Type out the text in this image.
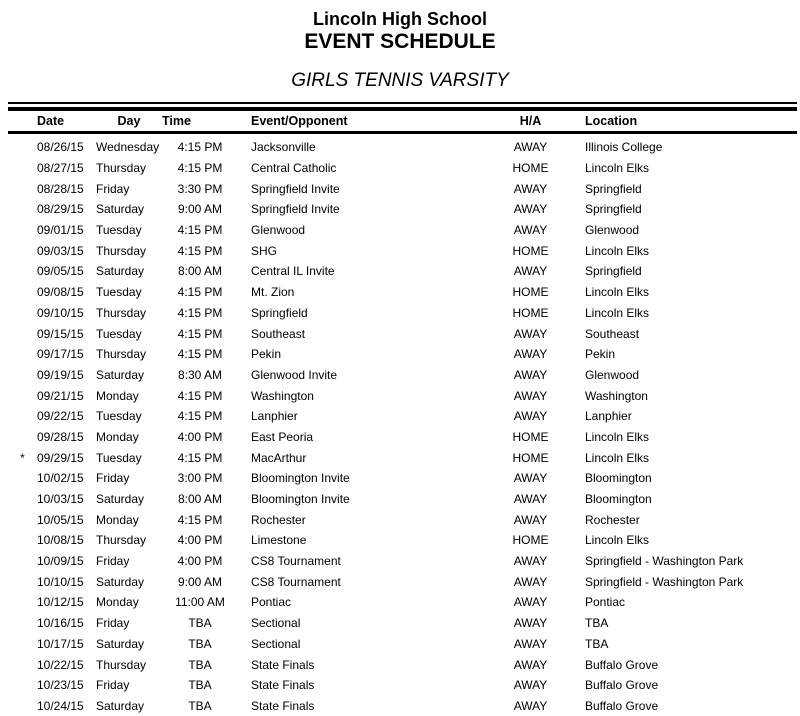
Lincoln High School
EVENT SCHEDULE
GIRLS TENNIS VARSITY
	Date	Day	Time	Event/Opponent	H/A	Location
	08/26/15	Wednesday	4:15 PM	Jacksonville	AWAY	Illinois College
	08/27/15	Thursday	4:15 PM	Central Catholic	HOME	Lincoln Elks
	08/28/15	Friday	3:30 PM	Springfield Invite	AWAY	Springfield
	08/29/15	Saturday	9:00 AM	Springfield Invite	AWAY	Springfield
	09/01/15	Tuesday	4:15 PM	Glenwood	AWAY	Glenwood
	09/03/15	Thursday	4:15 PM	SHG	HOME	Lincoln Elks
	09/05/15	Saturday	8:00 AM	Central IL Invite	AWAY	Springfield
	09/08/15	Tuesday	4:15 PM	Mt. Zion	HOME	Lincoln Elks
	09/10/15	Thursday	4:15 PM	Springfield	HOME	Lincoln Elks
	09/15/15	Tuesday	4:15 PM	Southeast	AWAY	Southeast
	09/17/15	Thursday	4:15 PM	Pekin	AWAY	Pekin
	09/19/15	Saturday	8:30 AM	Glenwood Invite	AWAY	Glenwood
	09/21/15	Monday	4:15 PM	Washington	AWAY	Washington
	09/22/15	Tuesday	4:15 PM	Lanphier	AWAY	Lanphier
	09/28/15	Monday	4:00 PM	East Peoria	HOME	Lincoln Elks
*	09/29/15	Tuesday	4:15 PM	MacArthur	HOME	Lincoln Elks
	10/02/15	Friday	3:00 PM	Bloomington Invite	AWAY	Bloomington
	10/03/15	Saturday	8:00 AM	Bloomington Invite	AWAY	Bloomington
	10/05/15	Monday	4:15 PM	Rochester	AWAY	Rochester
	10/08/15	Thursday	4:00 PM	Limestone	HOME	Lincoln Elks
	10/09/15	Friday	4:00 PM	CS8 Tournament	AWAY	Springfield - Washington Park
	10/10/15	Saturday	9:00 AM	CS8 Tournament	AWAY	Springfield - Washington Park
	10/12/15	Monday	11:00 AM	Pontiac	AWAY	Pontiac
	10/16/15	Friday	TBA	Sectional	AWAY	TBA
	10/17/15	Saturday	TBA	Sectional	AWAY	TBA
	10/22/15	Thursday	TBA	State Finals	AWAY	Buffalo Grove
	10/23/15	Friday	TBA	State Finals	AWAY	Buffalo Grove
	10/24/15	Saturday	TBA	State Finals	AWAY	Buffalo Grove
